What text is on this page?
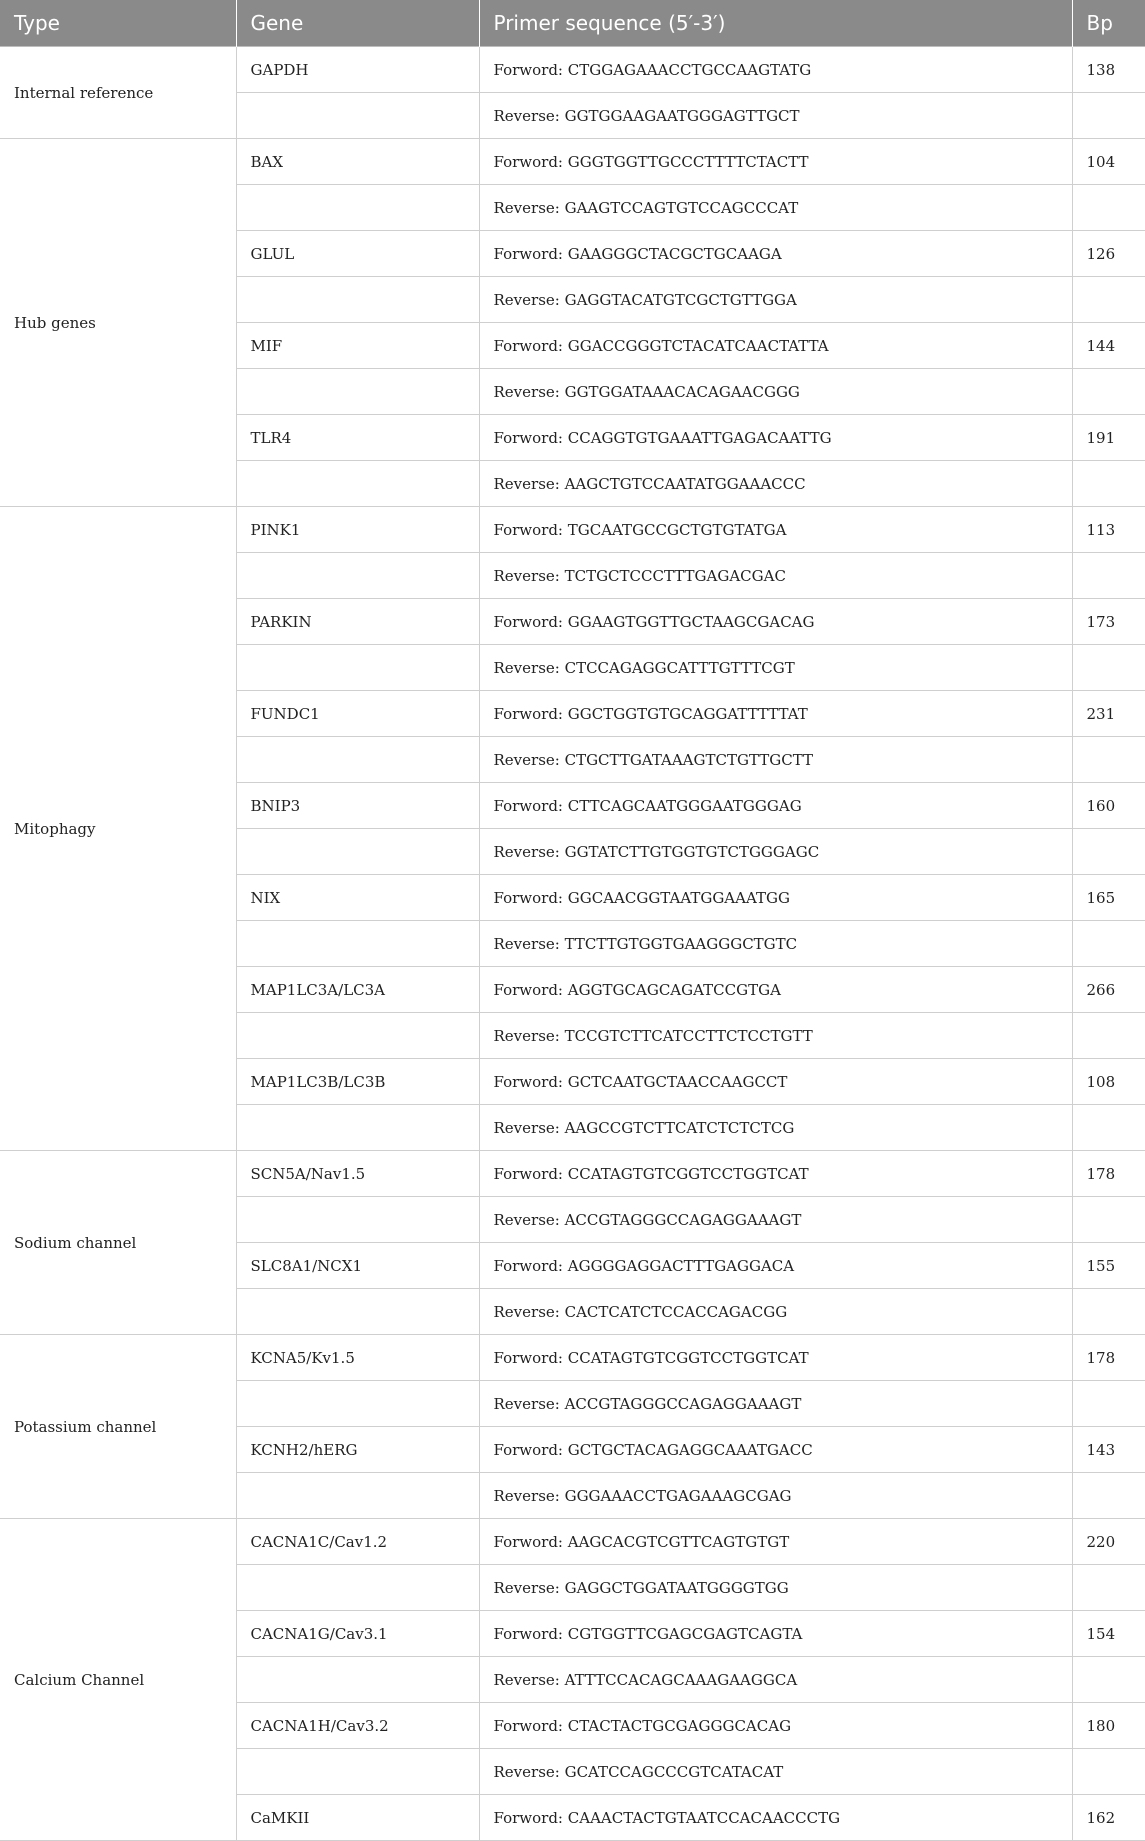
Type	Gene	Primer sequence (5′-3′)	Bp
Internal reference	GAPDH	Forword: CTGGAGAAACCTGCCAAGTATG	138
		Reverse: GGTGGAAGAATGGGAGTTGCT	
Hub genes	BAX	Forword: GGGTGGTTGCCCTTTTCTACTT	104
		Reverse: GAAGTCCAGTGTCCAGCCCAT	
	GLUL	Forword: GAAGGGCTACGCTGCAAGA	126
		Reverse: GAGGTACATGTCGCTGTTGGA	
	MIF	Forword: GGACCGGGTCTACATCAACTATTA	144
		Reverse: GGTGGATAAACACAGAACGGG	
	TLR4	Forword: CCAGGTGTGAAATTGAGACAATTG	191
		Reverse: AAGCTGTCCAATATGGAAACCC	
Mitophagy	PINK1	Forword: TGCAATGCCGCTGTGTATGA	113
		Reverse: TCTGCTCCCTTTGAGACGAC	
	PARKIN	Forword: GGAAGTGGTTGCTAAGCGACAG	173
		Reverse: CTCCAGAGGCATTTGTTTCGT	
	FUNDC1	Forword: GGCTGGTGTGCAGGATTTTTAT	231
		Reverse: CTGCTTGATAAAGTCTGTTGCTT	
	BNIP3	Forword: CTTCAGCAATGGGAATGGGAG	160
		Reverse: GGTATCTTGTGGTGTCTGGGAGC	
	NIX	Forword: GGCAACGGTAATGGAAATGG	165
		Reverse: TTCTTGTGGTGAAGGGCTGTC	
	MAP1LC3A/LC3A	Forword: AGGTGCAGCAGATCCGTGA	266
		Reverse: TCCGTCTTCATCCTTCTCCTGTT	
	MAP1LC3B/LC3B	Forword: GCTCAATGCTAACCAAGCCT	108
		Reverse: AAGCCGTCTTCATCTCTCTCG	
Sodium channel	SCN5A/Nav1.5	Forword: CCATAGTGTCGGTCCTGGTCAT	178
		Reverse: ACCGTAGGGCCAGAGGAAAGT	
	SLC8A1/NCX1	Forword: AGGGGAGGACTTTGAGGACA	155
		Reverse: CACTCATCTCCACCAGACGG	
Potassium channel	KCNA5/Kv1.5	Forword: CCATAGTGTCGGTCCTGGTCAT	178
		Reverse: ACCGTAGGGCCAGAGGAAAGT	
	KCNH2/hERG	Forword: GCTGCTACAGAGGCAAATGACC	143
		Reverse: GGGAAACCTGAGAAAGCGAG	
Calcium Channel	CACNA1C/Cav1.2	Forword: AAGCACGTCGTTCAGTGTGT	220
		Reverse: GAGGCTGGATAATGGGGTGG	
	CACNA1G/Cav3.1	Forword: CGTGGTTCGAGCGAGTCAGTA	154
		Reverse: ATTTCCACAGCAAAGAAGGCA	
	CACNA1H/Cav3.2	Forword: CTACTACTGCGAGGGCACAG	180
		Reverse: GCATCCAGCCCGTCATACAT	
	CaMKII	Forword: CAAACTACTGTAATCCACAACCCTG	162
